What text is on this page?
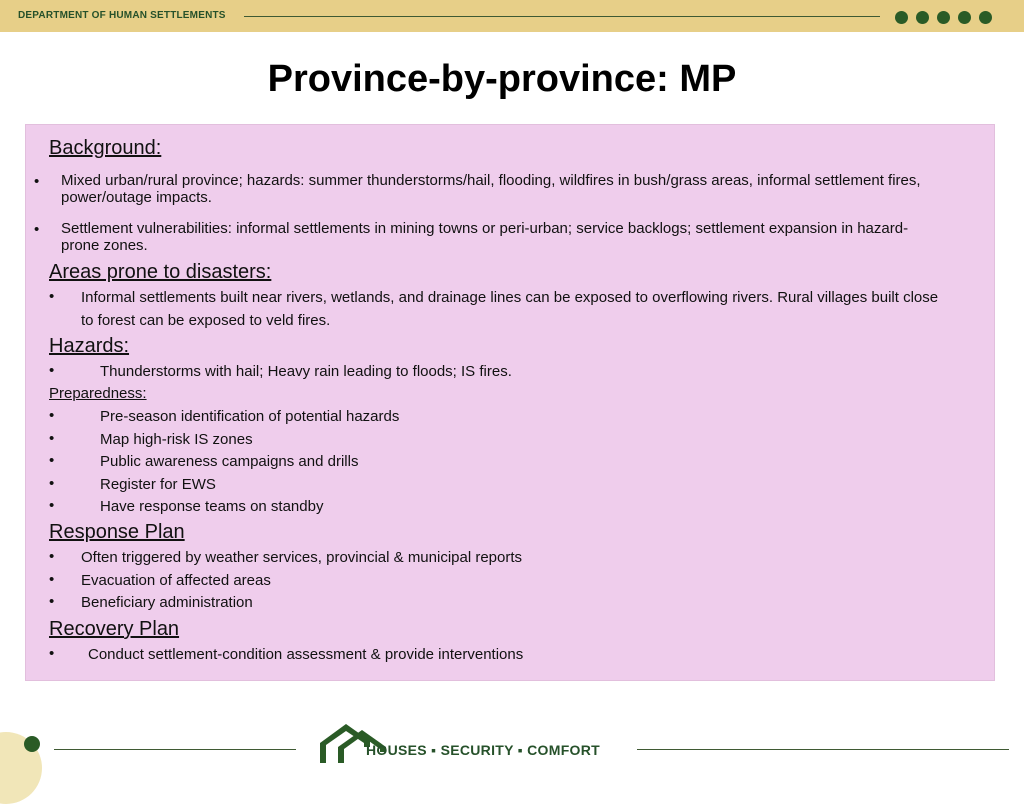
DEPARTMENT OF HUMAN SETTLEMENTS
Province-by-province: MP
Background:
• Mixed urban/rural province; hazards: summer thunderstorms/hail, flooding, wildfires in bush/grass areas, informal settlement fires,
power/outage impacts.
• Settlement vulnerabilities: informal settlements in mining towns or peri-urban; service backlogs; settlement expansion in hazard-
prone zones.
Areas prone to disasters:
• Informal settlements built near rivers, wetlands, and drainage lines can be exposed to overflowing rivers. Rural villages built close
to forest can be exposed to veld fires.
Hazards:
•	Thunderstorms with hail; Heavy rain leading to floods; IS fires.
Preparedness:
•	Pre-season identification of potential hazards
•	Map high-risk IS zones
•	Public awareness campaigns and drills
•	Register for EWS
•	Have response teams on standby
Response Plan
• Often triggered by weather services, provincial & municipal reports
• Evacuation of affected areas
• Beneficiary administration
Recovery Plan
• Conduct settlement-condition assessment & provide interventions
HOUSES ▪ SECURITY ▪ COMFORT
